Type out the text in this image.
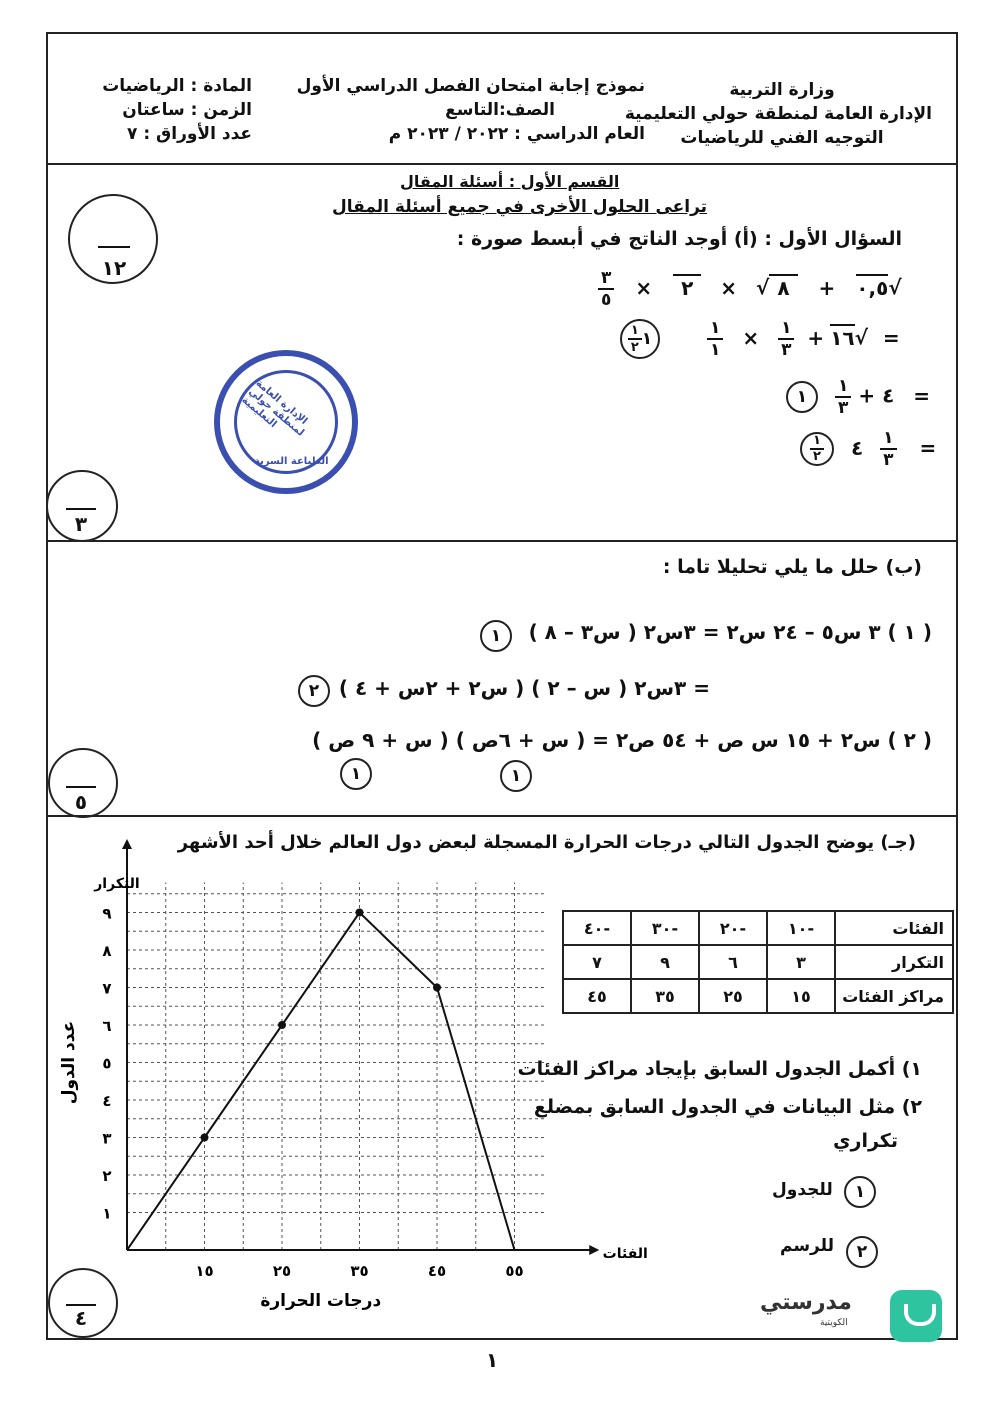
وزارة التربية
الإدارة العامة لمنطقة حولي التعليمية
التوجيه الفني للرياضيات
نموذج إجابة امتحان الفصل الدراسي الأول
الصف:التاسع
العام الدراسي : ٢٠٢٢ / ٢٠٢٣ م
المادة : الرياضيات
الزمن : ساعتان
عدد الأوراق : ٧
القسم الأول : أسئلة المقال
تراعى الحلول الأخرى في جميع أسئلة المقال
السؤال الأول : (أ) أوجد الناتج في أبسط صورة :
١٢	$\frac{٣}{٥}$ ×	٠,٥ + ٨√ × ٢	√
$\frac{١}{٢}$ ١
	$\frac{١}{١} \times \frac{١}{٣}$ + ١٦√ =
١ $\frac{١}{٣}$ + ٤ =
$\frac{١}{٢}$ ٤ $\frac{١}{٣}$ =
الإدارة العامة لمنطقة حولي التعليمية
الطباعة السرية
٣
(ب) حلل ما يلي تحليلا تاما :
( ١ ) ٣ س٥ – ٢٤ س٢ = ٣س٢ ( س٣ – ٨ )
١
= ٣س٢ ( س – ٢ ) ( س٢ + ٢س + ٤ )
٢
( ٢ ) س٢ + ١٥ س ص + ٥٤ ص٢ = ( س + ٦ص ) ( س + ٩ ص )
١	١
٥
(جـ) يوضح الجدول التالي درجات الحرارة المسجلة لبعض دول العالم خلال أحد الأشهر
الفئات	-١٠	-٢٠	-٣٠	-٤٠
التكرار	٣	٦	٩	٧
مراكز الفئات	١٥	٢٥	٣٥	٤٥
١) أكمل الجدول السابق بإيجاد مراكز الفئات
٢) مثل البيانات في الجدول السابق بمضلع
تكراري
١
للجدول
٢
للرسم
١
٢
٣
٤
٥
٦
٧
٨
٩
١٥	٢٥	٣٥	٤٥	٥٥
درجات الحرارة
عدد الدول
التكرار
الفئات
٤
مدرستي
الكويتية
١
